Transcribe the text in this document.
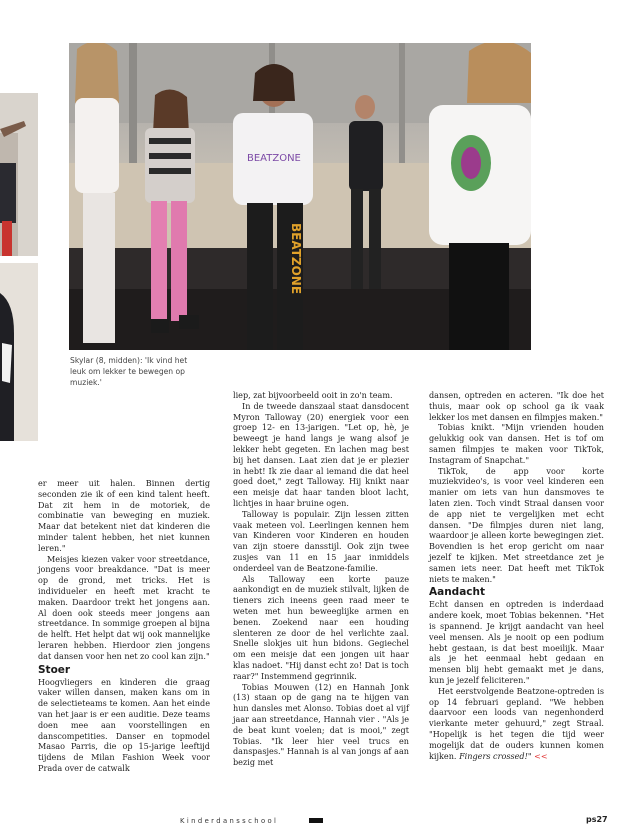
BEATZONE
BEATZONE
Skylar (8, midden): 'Ik vind het leuk om lekker te bewegen op muziek.'

er meer uit halen. Binnen dertig seconden zie ik of een kind talent heeft. Dat zit hem in de motoriek, de combinatie van beweging en muziek. Maar dat betekent niet dat kinderen die minder talent hebben, het niet kunnen leren."

Meisjes kiezen vaker voor streetdance, jongens voor breakdance. "Dat is meer op de grond, met tricks. Het is individueler en heeft met kracht te maken. Daardoor trekt het jongens aan. Al doen ook steeds meer jongens aan streetdance. In sommige groepen al bijna de helft. Het helpt dat wij ook mannelijke leraren hebben. Hierdoor zien jongens dat dansen voor hen net zo cool kan zijn."

Stoer

Hoogvliegers en kinderen die graag vaker willen dansen, maken kans om in de selectieteams te komen. Aan het einde van het jaar is er een auditie. Deze teams doen mee aan voorstellingen en danscompetities. Danser en topmodel Masao Parris, die op 15-jarige leeftijd tijdens de Milan Fashion Week voor Prada over de catwalk

liep, zat bijvoorbeeld ooit in zo'n team.

In de tweede danszaal staat dansdocent Myron Talloway (20) energiek voor een groep 12- en 13-jarigen. "Let op, hè, je beweegt je hand langs je wang alsof je lekker hebt gegeten. En lachen mag best bij het dansen. Laat zien dat je er plezier in hebt! Ik zie daar al iemand die dat heel goed doet," zegt Talloway. Hij knikt naar een meisje dat haar tanden bloot lacht, lichtjes in haar bruine ogen.

Talloway is populair. Zijn lessen zitten vaak meteen vol. Leerlingen kennen hem van Kinderen voor Kinderen en houden van zijn stoere dansstijl. Ook zijn twee zusjes van 11 en 15 jaar inmiddels onderdeel van de Beatzone-familie.

Als Talloway een korte pauze aankondigt en de muziek stilvalt, lijken de tieners zich ineens geen raad meer te weten met hun beweeglijke armen en benen. Zoekend naar een houding slenteren ze door de hel verlichte zaal. Snelle slokjes uit hun bidons. Gegiechel om een meisje dat een jongen uit haar klas nadoet. "Hij danst echt zo! Dat is toch raar?" Instemmend gegrinnik.

Tobias Mouwen (12) en Hannah Jonk (13) staan op de gang na te hijgen van hun dansles met Alonso. Tobias doet al vijf jaar aan streetdance, Hannah vier . "Als je de beat kunt voelen; dat is mooi," zegt Tobias. "Ik leer hier veel trucs en danspasjes." Hannah is al van jongs af aan bezig met

dansen, optreden en acteren. "Ik doe het thuis, maar ook op school ga ik vaak lekker los met dansen en filmpjes maken."

Tobias knikt. "Mijn vrienden houden gelukkig ook van dansen. Het is tof om samen filmpjes te maken voor TikTok, Instagram of Snapchat."

TikTok, de app voor korte muziekvideo's, is voor veel kinderen een manier om iets van hun dansmoves te laten zien. Toch vindt Straal dansen voor de app niet te vergelijken met echt dansen. "De filmpjes duren niet lang, waardoor je alleen korte bewegingen ziet. Bovendien is het erop gericht om naar jezelf te kijken. Met streetdance zet je samen iets neer. Dat heeft met TikTok niets te maken."

Aandacht

Echt dansen en optreden is inderdaad andere koek, moet Tobias bekennen. "Het is spannend. Je krijgt aandacht van heel veel mensen. Als je nooit op een podium hebt gestaan, is dat best moeilijk. Maar als je het eenmaal hebt gedaan en mensen blij hebt gemaakt met je dans, kun je jezelf feliciteren."

Het eerstvolgende Beatzone-optreden is op 14 februari gepland. "We hebben daarvoor een loods van negenhonderd vierkante meter gehuurd," zegt Straal. "Hopelijk is het tegen die tijd weer mogelijk dat de ouders kunnen komen kijken. Fingers crossed!" <<

Kinderdansschool	ps27
